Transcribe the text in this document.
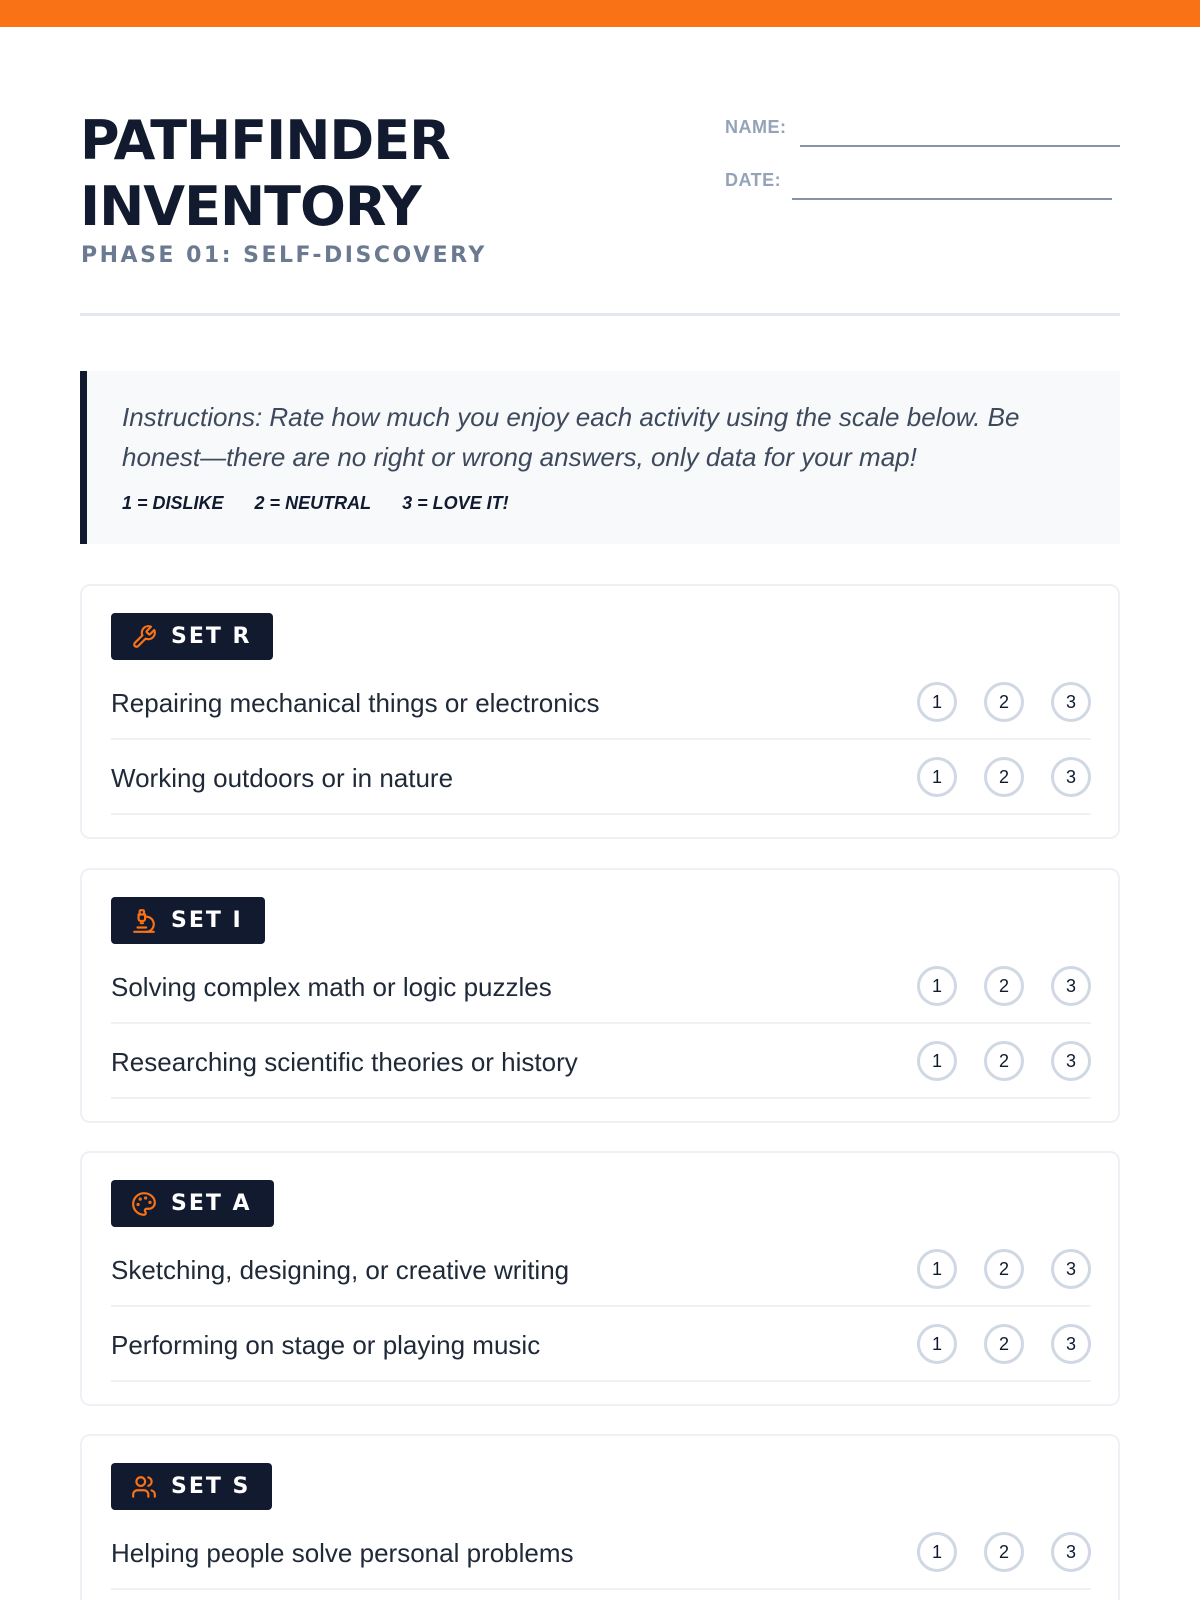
PATHFINDER
INVENTORY
PHASE 01: SELF-DISCOVERY
NAME:
DATE:
Instructions: Rate how much you enjoy each activity using the scale below. Be honest—there are no right or wrong answers, only data for your map!
1 = DISLIKE 2 = NEUTRAL 3 = LOVE IT!
SET R
Repairing mechanical things or electronics	1	2	3
Working outdoors or in nature	1	2	3
SET I
Solving complex math or logic puzzles	1	2	3
Researching scientific theories or history	1	2	3
SET A
Sketching, designing, or creative writing	1	2	3
Performing on stage or playing music	1	2	3
SET S
Helping people solve personal problems	1	2	3
